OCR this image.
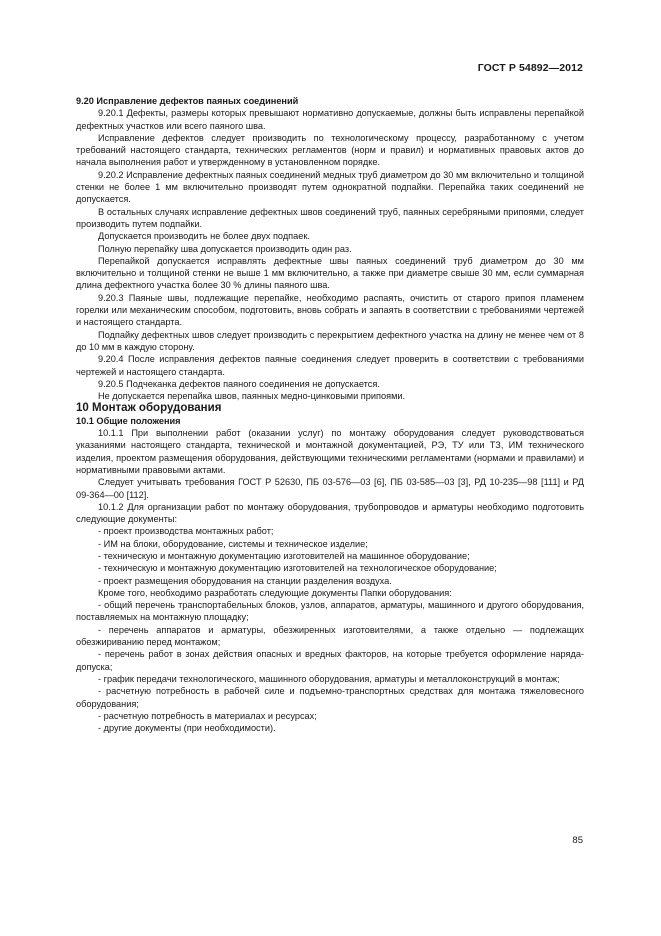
ГОСТ Р 54892—2012

9.20 Исправление дефектов паяных соединений

9.20.1 Дефекты, размеры которых превышают нормативно допускаемые, должны быть исправлены перепайкой дефектных участков или всего паяного шва.

Исправление дефектов следует производить по технологическому процессу, разработанному с учетом требований настоящего стандарта, технических регламентов (норм и правил) и нормативных правовых актов до начала выполнения работ и утвержденному в установленном порядке.

9.20.2 Исправление дефектных паяных соединений медных труб диаметром до 30 мм включительно и толщиной стенки не более 1 мм включительно производят путем однократной подпайки. Перепайка таких соединений не допускается.

В остальных случаях исправление дефектных швов соединений труб, паянных серебряными припоями, следует производить путем подпайки.

Допускается производить не более двух подпаек.

Полную перепайку шва допускается производить один раз.

Перепайкой допускается исправлять дефектные швы паяных соединений труб диаметром до 30 мм включительно и толщиной стенки не выше 1 мм включительно, а также при диаметре свыше 30 мм, если суммарная длина дефектного участка более 30 % длины паяного шва.

9.20.3 Паяные швы, подлежащие перепайке, необходимо распаять, очистить от старого припоя пламенем горелки или механическим способом, подготовить, вновь собрать и запаять в соответствии с требованиями чертежей и настоящего стандарта.

Подпайку дефектных швов следует производить с перекрытием дефектного участка на длину не менее чем от 8 до 10 мм в каждую сторону.

9.20.4 После исправления дефектов паяные соединения следует проверить в соответствии с требованиями чертежей и настоящего стандарта.

9.20.5 Подчеканка дефектов паяного соединения не допускается.

Не допускается перепайка швов, паянных медно-цинковыми припоями.

10 Монтаж оборудования

10.1 Общие положения

10.1.1 При выполнении работ (оказании услуг) по монтажу оборудования следует руководствоваться указаниями настоящего стандарта, технической и монтажной документацией, РЭ, ТУ или ТЗ, ИМ технического изделия, проектом размещения оборудования, действующими техническими регламентами (нормами и правилами) и нормативными правовыми актами.

Следует учитывать требования ГОСТ Р 52630, ПБ 03-576—03 [6], ПБ 03-585—03 [3], РД 10-235—98 [111] и РД 09-364—00 [112].

10.1.2 Для организации работ по монтажу оборудования, трубопроводов и арматуры необходимо подготовить следующие документы:

- проект производства монтажных работ;

- ИМ на блоки, оборудование, системы и техническое изделие;

- техническую и монтажную документацию изготовителей на машинное оборудование;

- техническую и монтажную документацию изготовителей на технологическое оборудование;

- проект размещения оборудования на станции разделения воздуха.

Кроме того, необходимо разработать следующие документы Папки оборудования:

- общий перечень транспортабельных блоков, узлов, аппаратов, арматуры, машинного и другого оборудования, поставляемых на монтажную площадку;

- перечень аппаратов и арматуры, обезжиренных изготовителями, а также отдельно — подлежащих обезжириванию перед монтажом;

- перечень работ в зонах действия опасных и вредных факторов, на которые требуется оформление наряда-допуска;

- график передачи технологического, машинного оборудования, арматуры и металлоконструкций в монтаж;

- расчетную потребность в рабочей силе и подъемно-транспортных средствах для монтажа тяжеловесного оборудования;

- расчетную потребность в материалах и ресурсах;

- другие документы (при необходимости).

85
